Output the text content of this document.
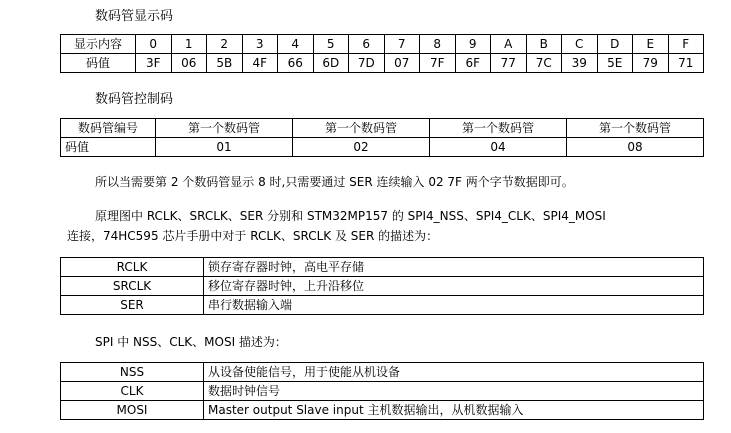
数码管显示码
显示内容	0	1	2	3	4	5	6	7	8	9	A	B	C	D	E	F
码值	3F	06	5B	4F	66	6D	7D	07	7F	6F	77	7C	39	5E	79	71
数码管控制码
数码管编号	第一个数码管	第一个数码管	第一个数码管	第一个数码管
码值	01	02	04	08
所以当需要第 2 个数码管显示 8 时,只需要通过 SER 连续输入 02 7F 两个字节数据即可。
原理图中 RCLK、SRCLK、SER 分别和 STM32MP157 的 SPI4_NSS、SPI4_CLK、SPI4_MOSI
连接，74HC595 芯片手册中对于 RCLK、SRCLK 及 SER 的描述为：
RCLK	锁存寄存器时钟，高电平存储
SRCLK	移位寄存器时钟，上升沿移位
SER	串行数据输入端
SPI 中 NSS、CLK、MOSI 描述为：
NSS	从设备使能信号，用于使能从机设备
CLK	数据时钟信号
MOSI	Master output Slave input 主机数据输出，从机数据输入
